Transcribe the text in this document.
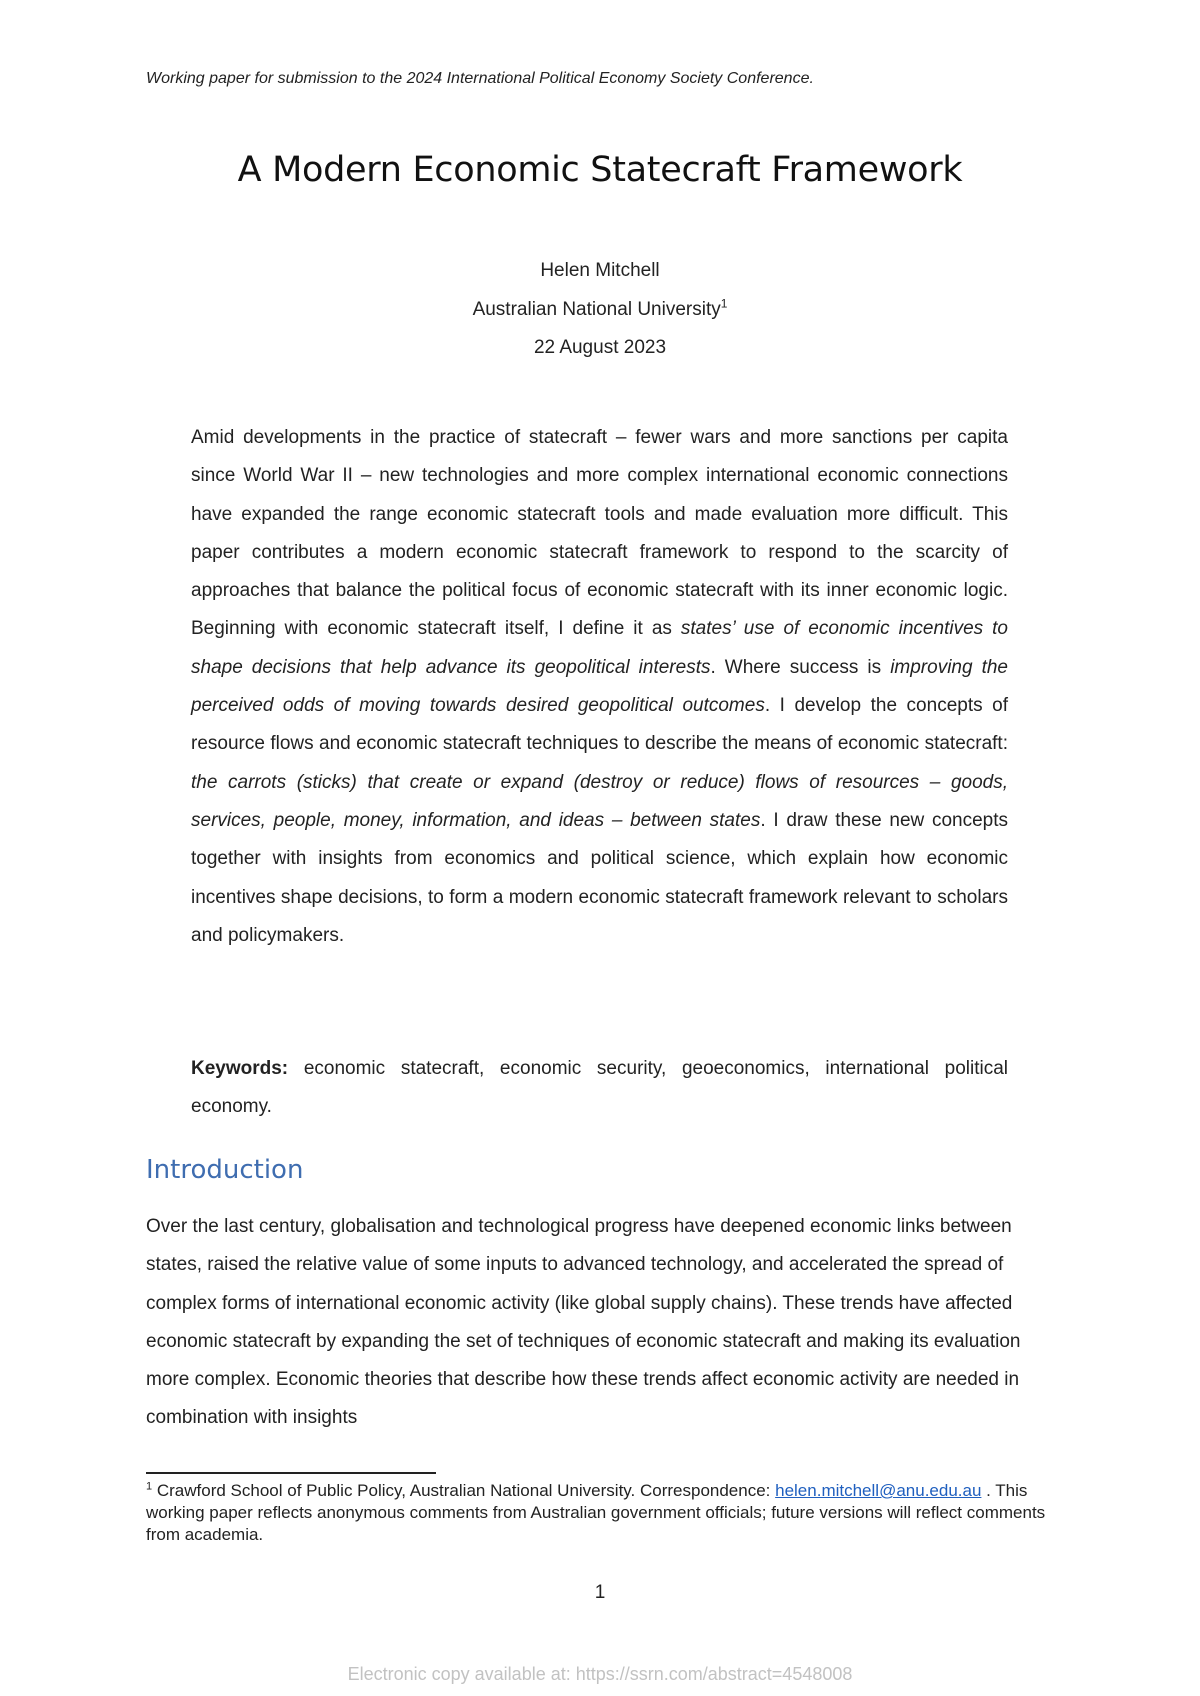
Working paper for submission to the 2024 International Political Economy Society Conference.
A Modern Economic Statecraft Framework
Helen Mitchell
Australian National University$^1$
22 August 2023

Amid developments in the practice of statecraft – fewer wars and more sanctions per capita since World War II – new technologies and more complex international economic connections have expanded the range economic statecraft tools and made evaluation more difficult. This paper contributes a modern economic statecraft framework to respond to the scarcity of approaches that balance the political focus of economic statecraft with its inner economic logic. Beginning with economic statecraft itself, I define it as states’ use of economic incentives to shape decisions that help advance its geopolitical interests. Where success is improving the perceived odds of moving towards desired geopolitical outcomes. I develop the concepts of resource flows and economic statecraft techniques to describe the means of economic statecraft: the carrots (sticks) that create or expand (destroy or reduce) flows of resources – goods, services, people, money, information, and ideas – between states. I draw these new concepts together with insights from economics and political science, which explain how economic incentives shape decisions, to form a modern economic statecraft framework relevant to scholars and policymakers.

Keywords: economic statecraft, economic security, geoeconomics, international political economy.

Introduction

Over the last century, globalisation and technological progress have deepened economic links between states, raised the relative value of some inputs to advanced technology, and accelerated the spread of complex forms of international economic activity (like global supply chains). These trends have affected economic statecraft by expanding the set of techniques of economic statecraft and making its evaluation more complex. Economic theories that describe how these trends affect economic activity are needed in combination with insights

$^1$ Crawford School of Public Policy, Australian National University. Correspondence: helen.mitchell@anu.edu.au . This working paper reflects anonymous comments from Australian government officials; future versions will reflect comments from academia.

1
Electronic copy available at: https://ssrn.com/abstract=4548008
